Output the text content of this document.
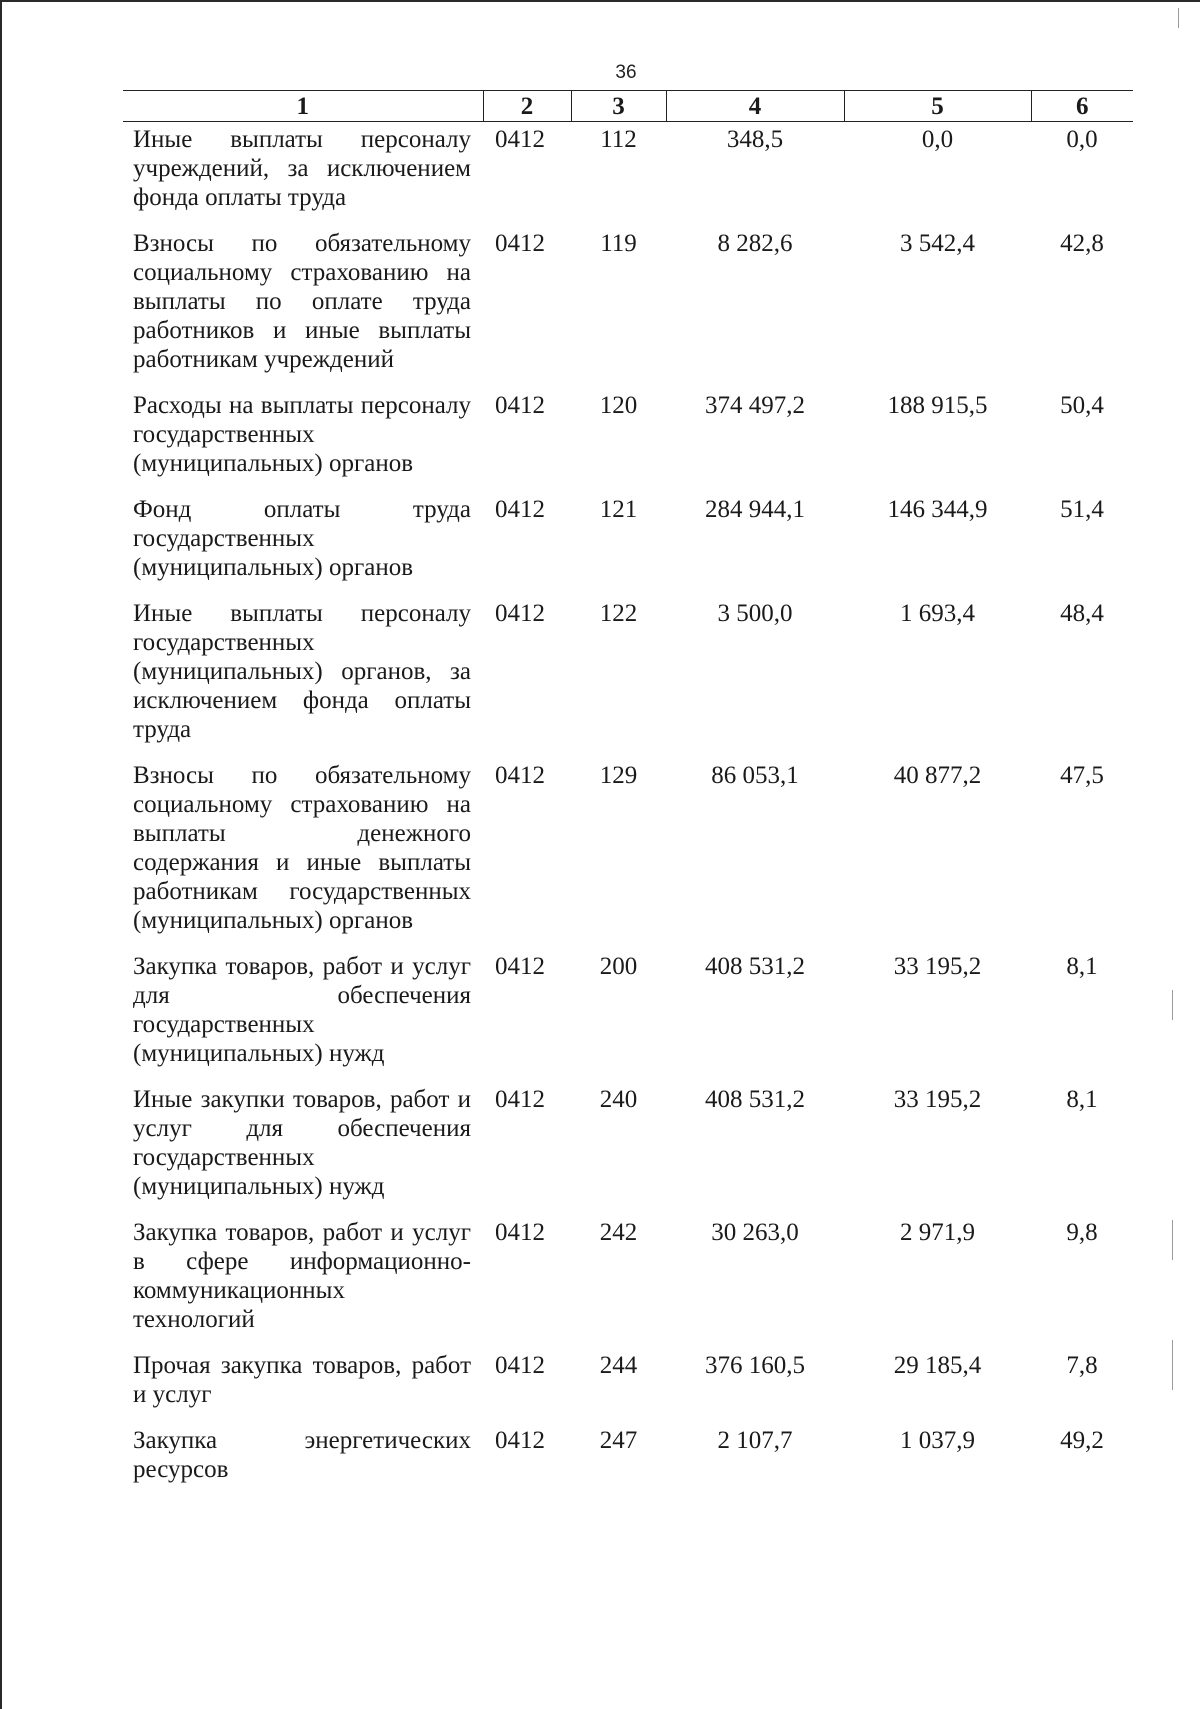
36
1	2	3	4	5	6
Иные выплаты персоналу учреждений, за исключением фонда оплаты труда	0412	112	348,5	0,0	0,0
Взносы по обязательному социальному страхованию на выплаты по оплате труда работников и иные выплаты работникам учреждений	0412	119	8 282,6	3 542,4	42,8
Расходы на выплаты персоналу государственных (муниципальных) органов	0412	120	374 497,2	188 915,5	50,4
Фонд оплаты труда государственных (муниципальных) органов	0412	121	284 944,1	146 344,9	51,4
Иные выплаты персоналу государственных (муниципальных) органов, за исключением фонда оплаты труда	0412	122	3 500,0	1 693,4	48,4
Взносы по обязательному социальному страхованию на выплаты денежного содержания и иные выплаты работникам государственных (муниципальных) органов	0412	129	86 053,1	40 877,2	47,5
Закупка товаров, работ и услуг для обеспечения государственных (муниципальных) нужд	0412	200	408 531,2	33 195,2	8,1
Иные закупки товаров, работ и услуг для обеспечения государственных (муниципальных) нужд	0412	240	408 531,2	33 195,2	8,1
Закупка товаров, работ и услуг в сфере информационно-коммуникационных технологий	0412	242	30 263,0	2 971,9	9,8
Прочая закупка товаров, работ и услуг	0412	244	376 160,5	29 185,4	7,8
Закупка энергетических ресурсов	0412	247	2 107,7	1 037,9	49,2
